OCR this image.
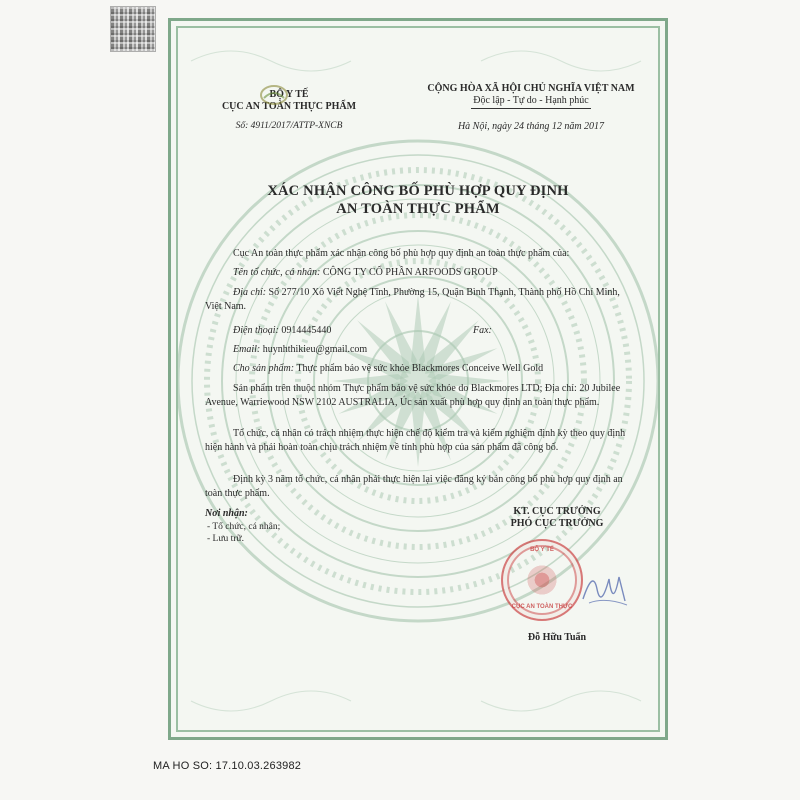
BỘ Y TẾ
CỤC AN TOÀN THỰC PHẨM
Số: 4911/2017/ATTP-XNCB
CỘNG HÒA XÃ HỘI CHỦ NGHĨA VIỆT NAM
Độc lập - Tự do - Hạnh phúc
Hà Nội, ngày 24 tháng 12 năm 2017
XÁC NHẬN CÔNG BỐ PHÙ HỢP QUY ĐỊNH
AN TOÀN THỰC PHẨM
Cục An toàn thực phẩm xác nhận công bố phù hợp quy định an toàn thực phẩm của:
Tên tổ chức, cá nhân: CÔNG TY CỔ PHẦN ARFOODS GROUP
Địa chỉ: Số 277/10 Xô Viết Nghệ Tĩnh, Phường 15, Quận Bình Thạnh, Thành phố Hồ Chí Minh, Việt Nam.
Điện thoại: 0914445440	Fax:
Email: huynhthikieu@gmail.com
Cho sản phẩm: Thực phẩm bảo vệ sức khỏe Blackmores Conceive Well Gold
Sản phẩm trên thuộc nhóm Thực phẩm bảo vệ sức khỏe do Blackmores LTD; Địa chỉ: 20 Jubilee Avenue, Warriewood NSW 2102 AUSTRALIA, Úc sản xuất phù hợp quy định an toàn thực phẩm.
Tổ chức, cá nhân có trách nhiệm thực hiện chế độ kiểm tra và kiểm nghiệm định kỳ theo quy định hiện hành và phải hoàn toàn chịu trách nhiệm về tính phù hợp của sản phẩm đã công bố.
Định kỳ 3 năm tổ chức, cá nhân phải thực hiện lại việc đăng ký bản công bố phù hợp quy định an toàn thực phẩm.
Nơi nhận:
- Tổ chức, cá nhân;
- Lưu trữ.
KT. CỤC TRƯỞNG
PHÓ CỤC TRƯỞNG
BỘ Y TẾ
CỤC AN TOÀN THỰC
Đỗ Hữu Tuấn
MA HO SO: 17.10.03.263982
